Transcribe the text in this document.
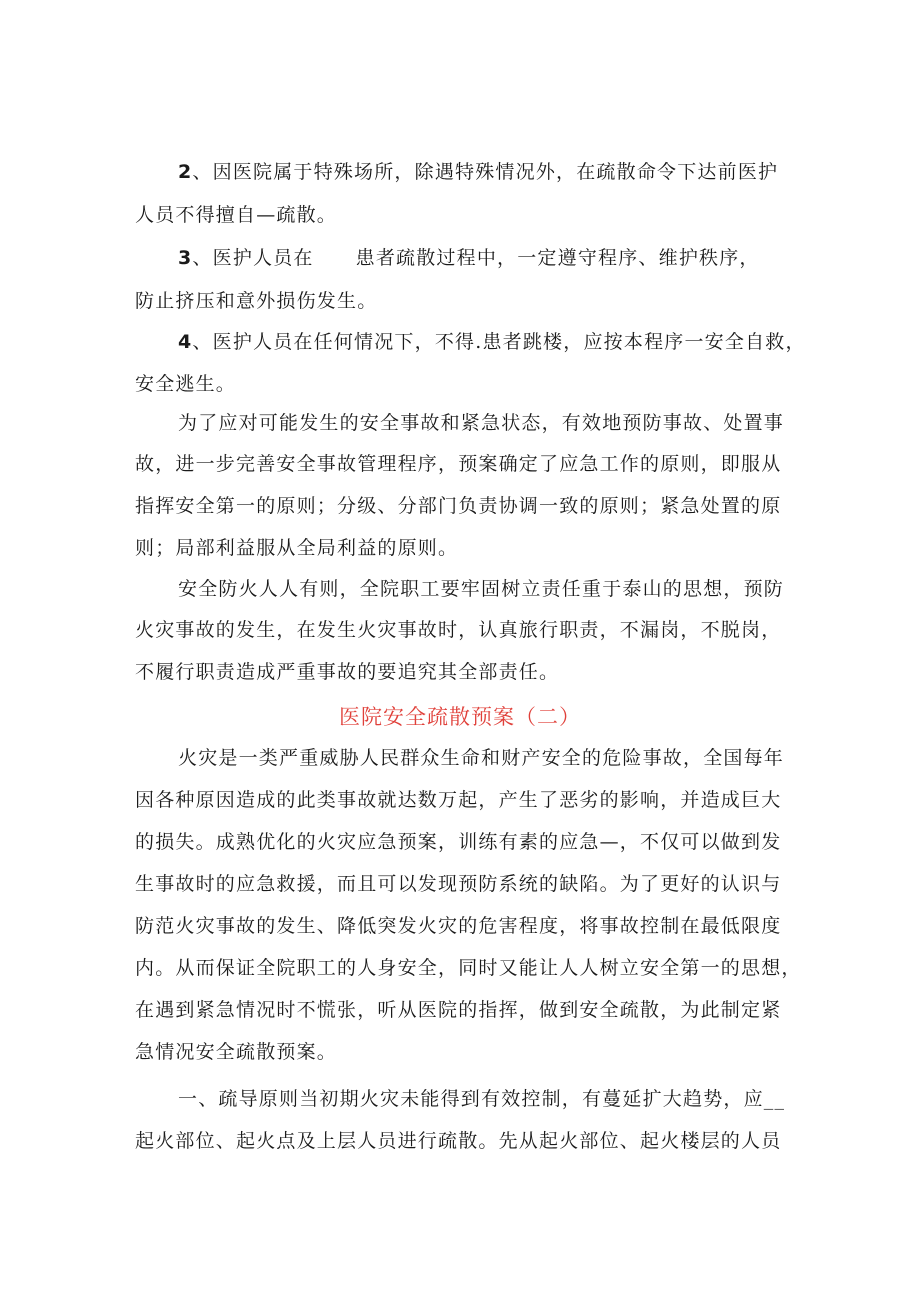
2、因医院属于特殊场所，除遇特殊情况外，在疏散命令下达前医护
人员不得擅自—疏散。
3、医护人员在 患者疏散过程中，一定遵守程序、维护秩序，
防止挤压和意外损伤发生。
4、医护人员在任何情况下，不得.患者跳楼，应按本程序一安全自救，
安全逃生。
为了应对可能发生的安全事故和紧急状态，有效地预防事故、处置事
故，进一步完善安全事故管理程序，预案确定了应急工作的原则，即服从
指挥安全第一的原则；分级、分部门负责协调一致的原则；紧急处置的原
则；局部利益服从全局利益的原则。
安全防火人人有则，全院职工要牢固树立责任重于泰山的思想，预防
火灾事故的发生，在发生火灾事故时，认真旅行职责，不漏岗，不脱岗，
不履行职责造成严重事故的要追究其全部责任。
医院安全疏散预案（二）
火灾是一类严重威胁人民群众生命和财产安全的危险事故，全国每年
因各种原因造成的此类事故就达数万起，产生了恶劣的影响，并造成巨大
的损失。成熟优化的火灾应急预案，训练有素的应急—，不仅可以做到发
生事故时的应急救援，而且可以发现预防系统的缺陷。为了更好的认识与
防范火灾事故的发生、降低突发火灾的危害程度，将事故控制在最低限度
内。从而保证全院职工的人身安全，同时又能让人人树立安全第一的思想，
在遇到紧急情况时不慌张，听从医院的指挥，做到安全疏散，为此制定紧
急情况安全疏散预案。
一、疏导原则当初期火灾未能得到有效控制，有蔓延扩大趋势，应__
起火部位、起火点及上层人员进行疏散。先从起火部位、起火楼层的人员
